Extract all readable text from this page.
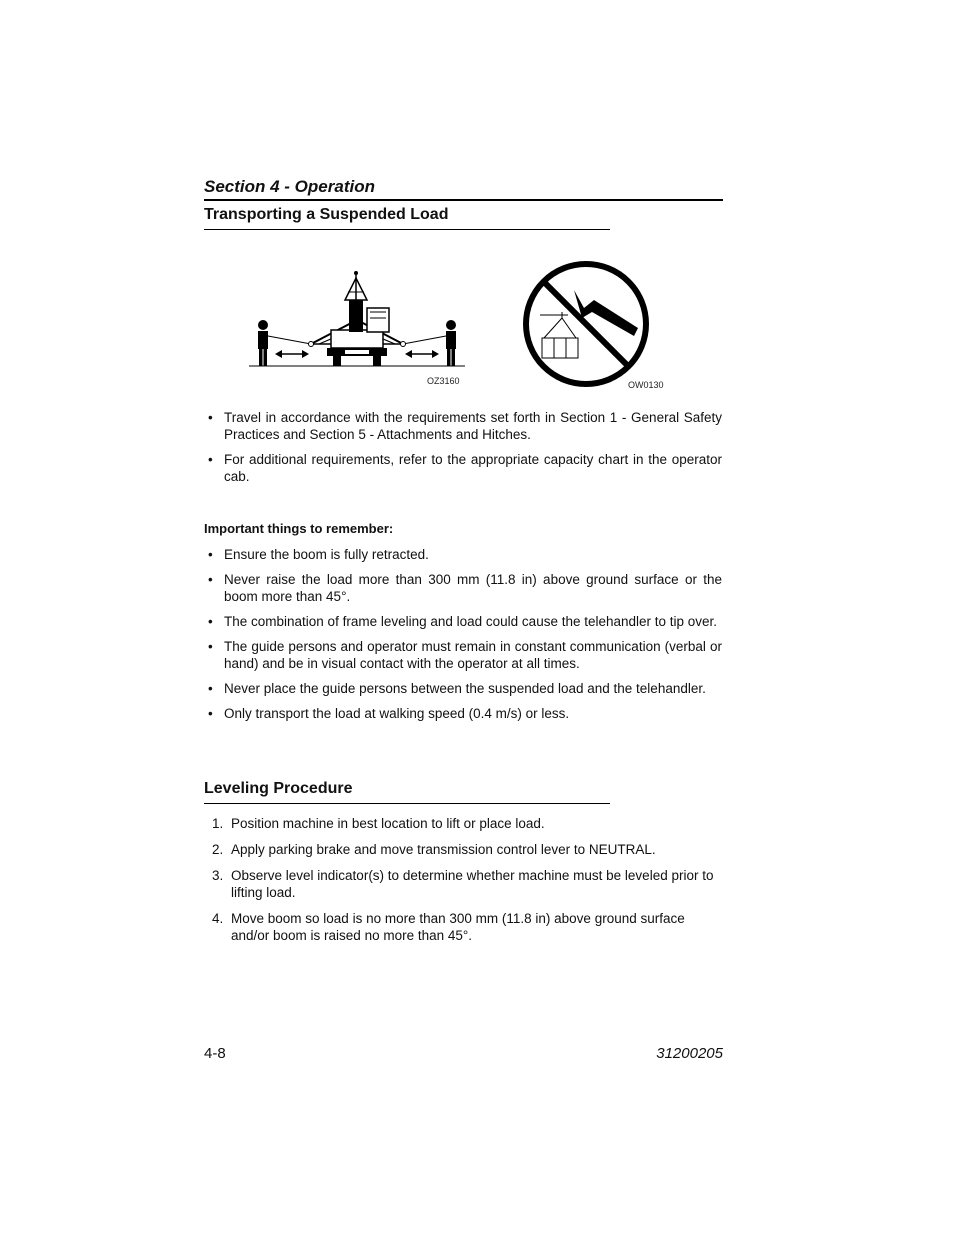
Section 4 - Operation
Transporting a Suspended Load
OZ3160	OW0130
• Travel in accordance with the requirements set forth in Section 1 - General Safety Practices and Section 5 - Attachments and Hitches.
• For additional requirements, refer to the appropriate capacity chart in the operator cab.
Important things to remember:
• Ensure the boom is fully retracted.
• Never raise the load more than 300 mm (11.8 in) above ground surface or the boom more than 45°.
• The combination of frame leveling and load could cause the telehandler to tip over.
• The guide persons and operator must remain in constant communication (verbal or hand) and be in visual contact with the operator at all times.
• Never place the guide persons between the suspended load and the telehandler.
• Only transport the load at walking speed (0.4 m/s) or less.
Leveling Procedure
1. Position machine in best location to lift or place load.
2. Apply parking brake and move transmission control lever to NEUTRAL.
3. Observe level indicator(s) to determine whether machine must be leveled prior to lifting load.
4. Move boom so load is no more than 300 mm (11.8 in) above ground surface and/or boom is raised no more than 45°.
4-8	31200205
